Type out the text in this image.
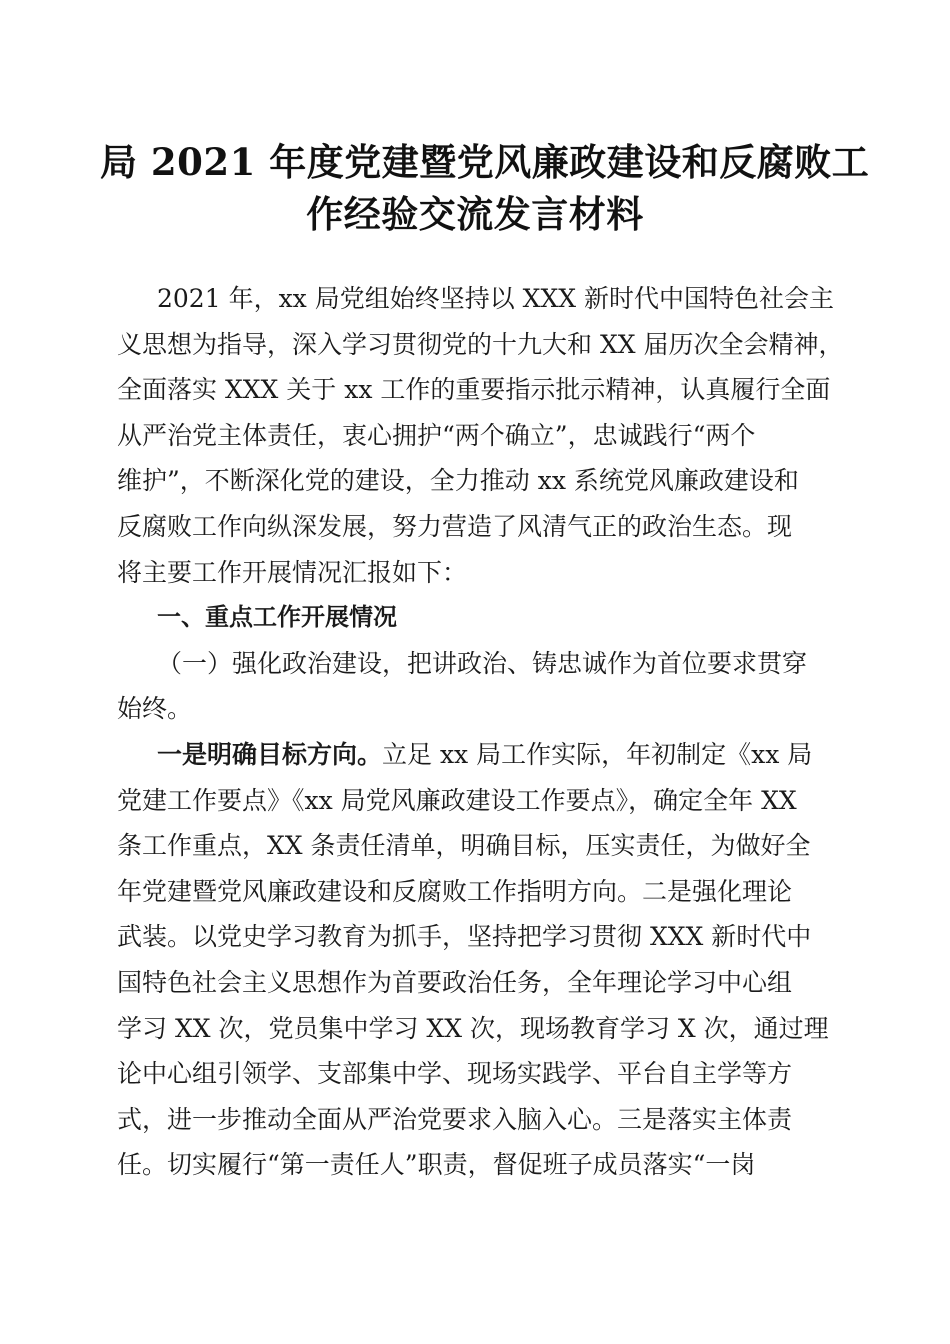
局 2021 年度党建暨党风廉政建设和反腐败工
作经验交流发言材料
2021 年，xx 局党组始终坚持以 XXX 新时代中国特色社会主
义思想为指导，深入学习贯彻党的十九大和 XX 届历次全会精神，
全面落实 XXX 关于 xx 工作的重要指示批示精神，认真履行全面
从严治党主体责任，衷心拥护“两个确立”，忠诚践行“两个
维护”，不断深化党的建设，全力推动 xx 系统党风廉政建设和
反腐败工作向纵深发展，努力营造了风清气正的政治生态。现
将主要工作开展情况汇报如下：
一、重点工作开展情况
（一）强化政治建设，把讲政治、铸忠诚作为首位要求贯穿
始终。
一是明确目标方向。立足 xx 局工作实际，年初制定《xx 局
党建工作要点》《xx 局党风廉政建设工作要点》，确定全年 XX
条工作重点，XX 条责任清单，明确目标，压实责任，为做好全
年党建暨党风廉政建设和反腐败工作指明方向。二是强化理论
武装。以党史学习教育为抓手，坚持把学习贯彻 XXX 新时代中
国特色社会主义思想作为首要政治任务，全年理论学习中心组
学习 XX 次，党员集中学习 XX 次，现场教育学习 X 次，通过理
论中心组引领学、支部集中学、现场实践学、平台自主学等方
式，进一步推动全面从严治党要求入脑入心。三是落实主体责
任。切实履行“第一责任人”职责，督促班子成员落实“一岗
